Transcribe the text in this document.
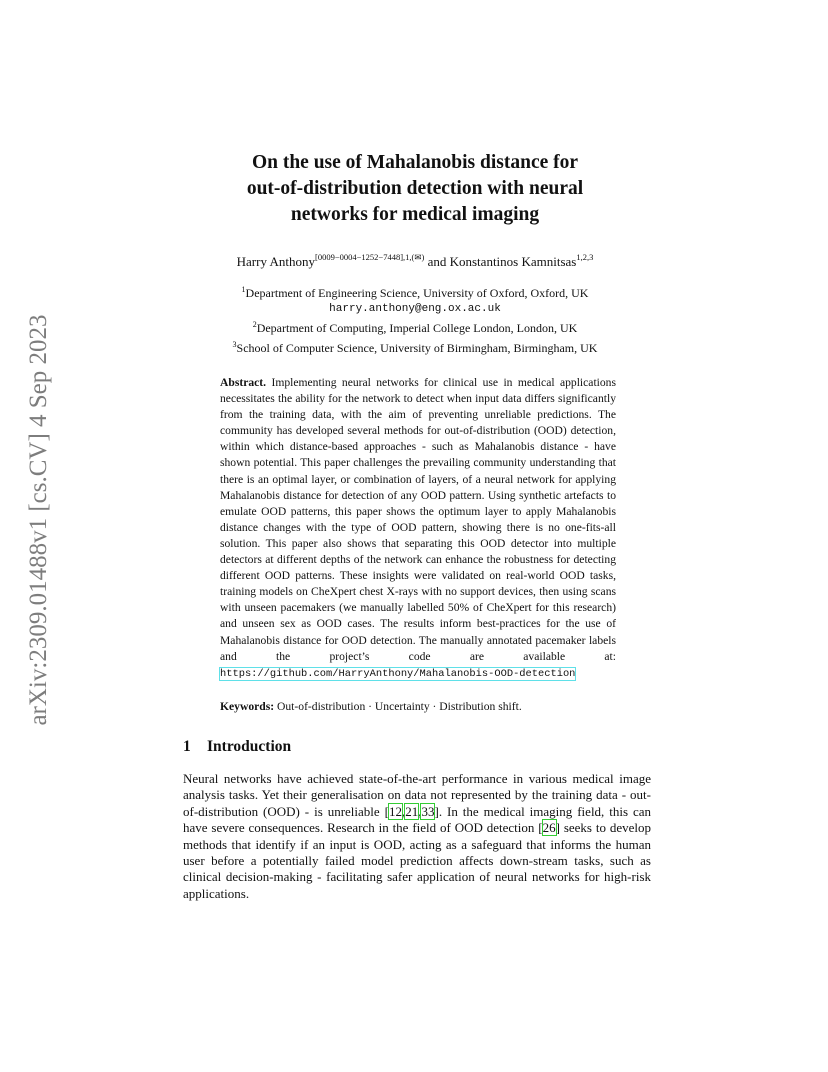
arXiv:2309.01488v1 [cs.CV] 4 Sep 2023
On the use of Mahalanobis distance for
out-of-distribution detection with neural
networks for medical imaging
Harry Anthony$^{[0009-0004-1252-7448],1,(✉)}$ and Konstantinos Kamnitsas$^{1,2,3}$
$^1$Department of Engineering Science, University of Oxford, Oxford, UK
harry.anthony@eng.ox.ac.uk
$^2$Department of Computing, Imperial College London, London, UK
$^3$School of Computer Science, University of Birmingham, Birmingham, UK
Abstract. Implementing neural networks for clinical use in medical applications necessitates the ability for the network to detect when input data differs significantly from the training data, with the aim of preventing unreliable predictions. The community has developed several methods for out-of-distribution (OOD) detection, within which distance-based approaches - such as Mahalanobis distance - have shown potential. This paper challenges the prevailing community understanding that there is an optimal layer, or combination of layers, of a neural network for applying Mahalanobis distance for detection of any OOD pattern. Using synthetic artefacts to emulate OOD patterns, this paper shows the optimum layer to apply Mahalanobis distance changes with the type of OOD pattern, showing there is no one-fits-all solution. This paper also shows that separating this OOD detector into multiple detectors at different depths of the network can enhance the robustness for detecting different OOD patterns. These insights were validated on real-world OOD tasks, training models on CheXpert chest X-rays with no support devices, then using scans with unseen pacemakers (we manually labelled 50% of CheXpert for this research) and unseen sex as OOD cases. The results inform best-practices for the use of Mahalanobis distance for OOD detection. The manually annotated pacemaker labels and the project’s code are available at: https://github.com/HarryAnthony/Mahalanobis-OOD-detection
Keywords: Out-of-distribution · Uncertainty · Distribution shift.
1 Introduction
Neural networks have achieved state-of-the-art performance in various medical image analysis tasks. Yet their generalisation on data not represented by the training data - out-of-distribution (OOD) - is unreliable [12,21,33]. In the medical imaging field, this can have severe consequences. Research in the field of OOD detection [26] seeks to develop methods that identify if an input is OOD, acting as a safeguard that informs the human user before a potentially failed model prediction affects down-stream tasks, such as clinical decision-making - facilitating safer application of neural networks for high-risk applications.
